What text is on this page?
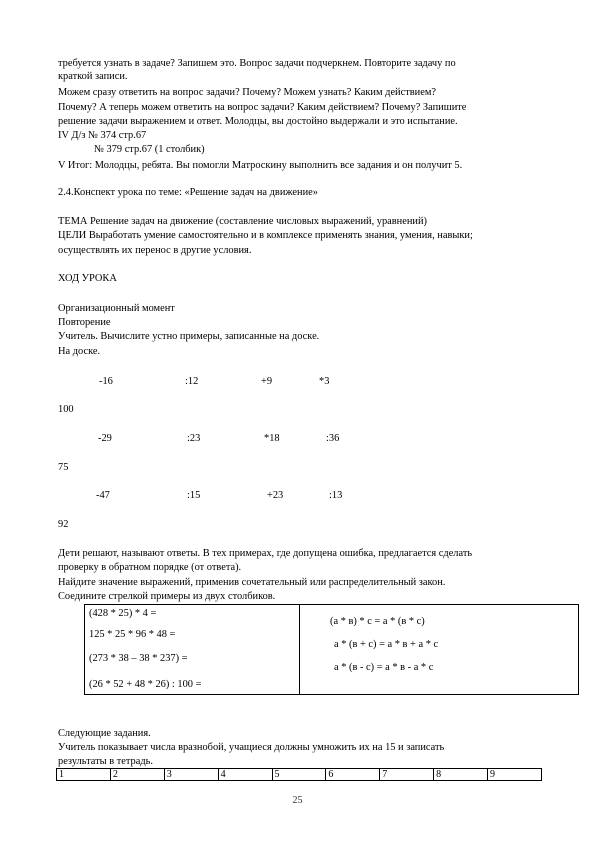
требуется узнать в задаче? Запишем это. Вопрос задачи подчеркнем. Повторите задачу по

краткой записи.

Можем сразу ответить на вопрос задачи? Почему? Можем узнать? Каким действием?

Почему? А теперь можем ответить на вопрос задачи? Каким действием? Почему? Запишите

решение задачи выражением и ответ. Молодцы, вы достойно выдержали и это испытание.

IV Д/з № 374 стр.67

№ 379 стр.67 (1 столбик)

V Итог: Молодцы, ребята. Вы помогли Матроскину выполнить все задания и он получит 5.

2.4.Конспект урока по теме: «Решение задач на движение»

ТЕМА Решение задач на движение (составление числовых выражений, уравнений)

ЦЕЛИ Выработать умение самостоятельно и в комплексе применять знания, умения, навыки;

осуществлять их перенос в другие условия.

ХОД УРОКА

Организационный момент

Повторение

Учитель. Вычислите устно примеры, записанные на доске.

На доске.

-16	:12	+9	*3

100

-29	:23	*18	:36

75

-47	:15	+23	:13

92

Дети решают, называют ответы. В тех примерах, где допущена ошибка, предлагается сделать

проверку в обратном порядке (от ответа).

Найдите значение выражений, применив сочетательный или распределительный закон.

Соедините стрелкой примеры из двух столбиков.

(428 * 25) * 4 =
125 * 25 * 96 * 48 =
(273 * 38 – 38 * 237) =
(26 * 52 + 48 * 26) : 100 =

(а * в) * с = а * (в * с)
а * (в + с) = а * в + а * с
а * (в - с) = а * в - а * с

Следующие задания.

Учитель показывает числа вразнобой, учащиеся должны умножить их на 15 и записать

результаты в тетрадь.

1	2	3	4	5	6	7	8	9
25
